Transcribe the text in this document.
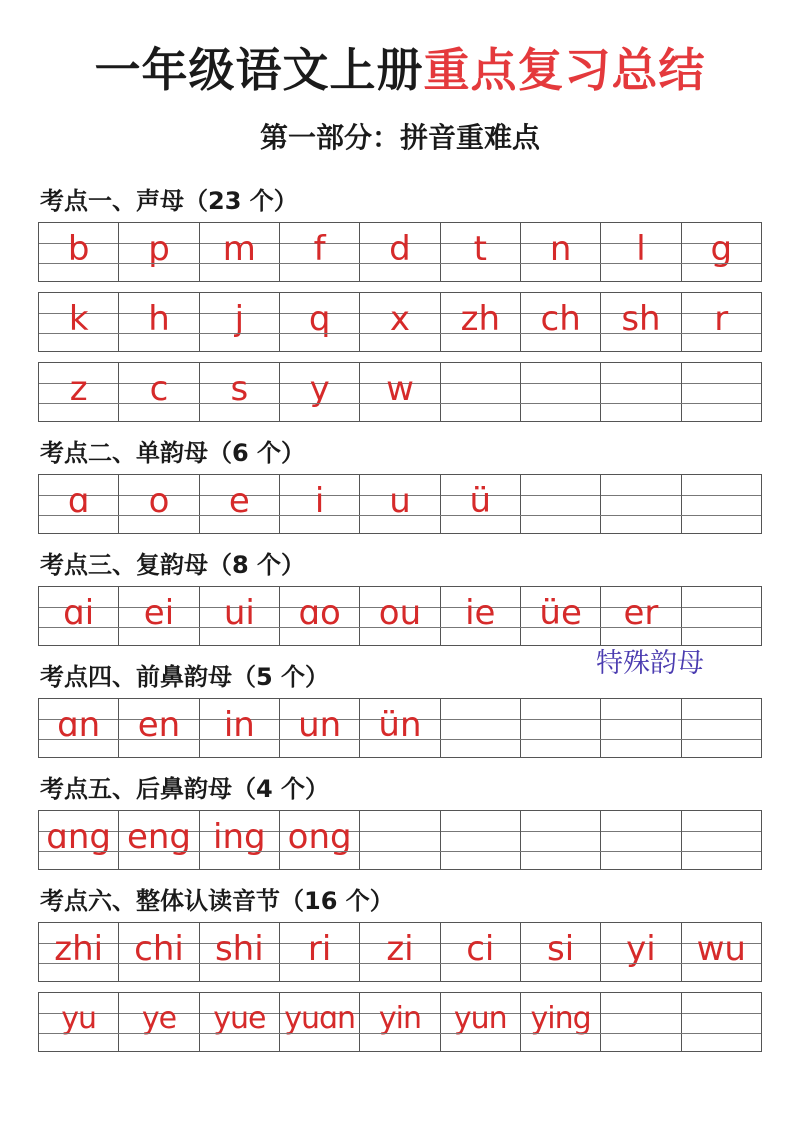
一年级语文上册重点复习总结
第一部分：拼音重难点
考点一、声母（23 个）
b	p	m	f	d	t	n	l	g
k	h	j	q	x	zh	ch	sh	r
z	c	s	y	w
考点二、单韵母（6 个）
ɑ	o	e	i	u	ü
考点三、复韵母（8 个）
ɑi	ei	ui	ɑo	ou	ie	üe	er
特殊韵母
考点四、前鼻韵母（5 个）
ɑn	en	in	un	ün
考点五、后鼻韵母（4 个）
ɑng eng ing ong
考点六、整体认读音节（16 个）
zhi chi shi	ri	zi	ci	si	yi	wu
yu	ye	yue yuɑn yin	yun ying
